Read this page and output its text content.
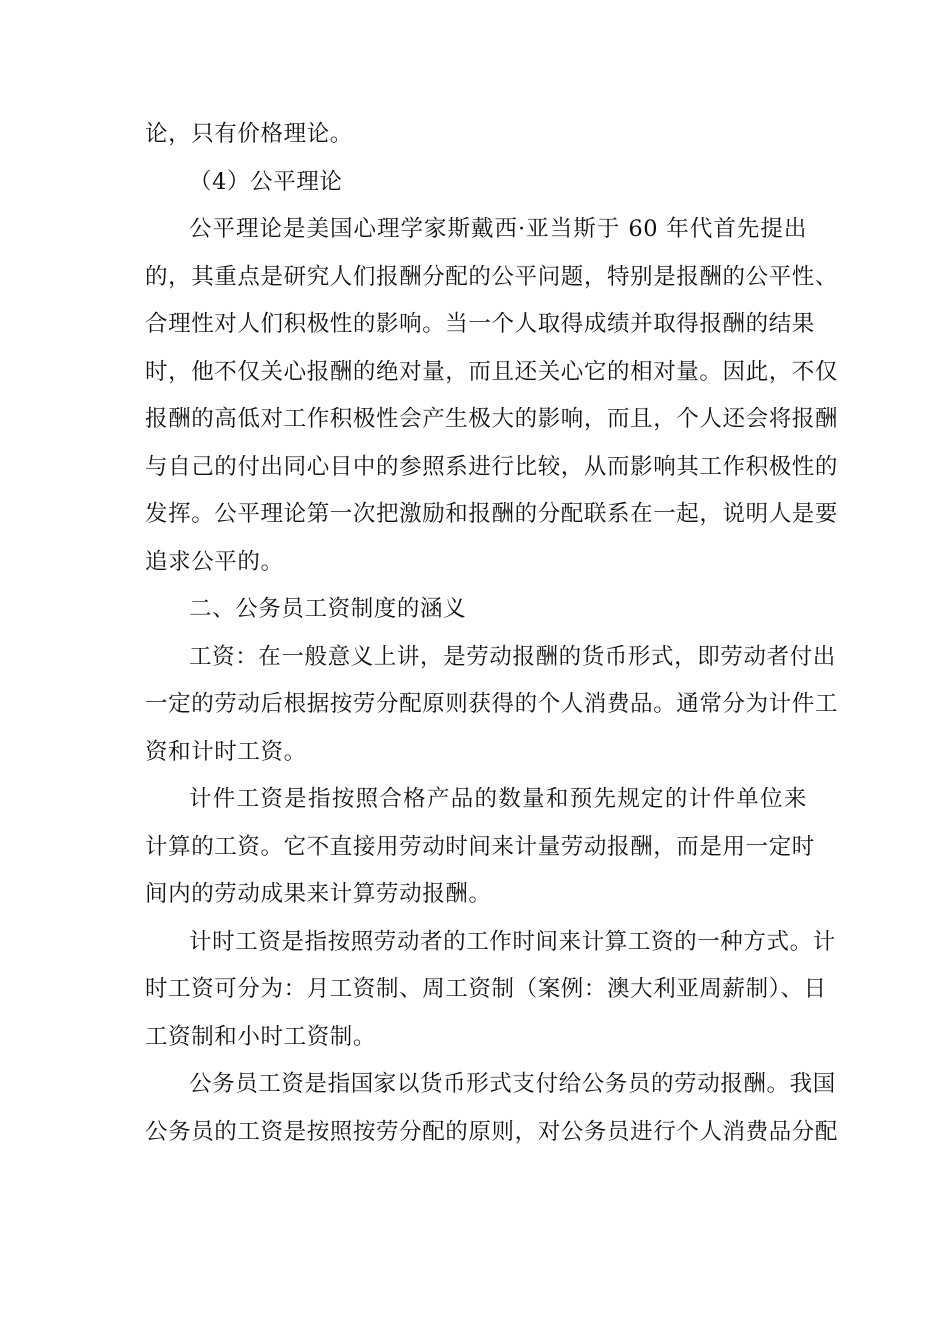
论，只有价格理论。
（4）公平理论
公平理论是美国心理学家斯戴西·亚当斯于 60 年代首先提出
的，其重点是研究人们报酬分配的公平问题，特别是报酬的公平性、
合理性对人们积极性的影响。当一个人取得成绩并取得报酬的结果
时，他不仅关心报酬的绝对量，而且还关心它的相对量。因此，不仅
报酬的高低对工作积极性会产生极大的影响，而且，个人还会将报酬
与自己的付出同心目中的参照系进行比较，从而影响其工作积极性的
发挥。公平理论第一次把激励和报酬的分配联系在一起，说明人是要
追求公平的。
二、公务员工资制度的涵义
工资：在一般意义上讲，是劳动报酬的货币形式，即劳动者付出
一定的劳动后根据按劳分配原则获得的个人消费品。通常分为计件工
资和计时工资。
计件工资是指按照合格产品的数量和预先规定的计件单位来
计算的工资。它不直接用劳动时间来计量劳动报酬，而是用一定时
间内的劳动成果来计算劳动报酬。
计时工资是指按照劳动者的工作时间来计算工资的一种方式。计
时工资可分为：月工资制、周工资制（案例：澳大利亚周薪制）、日
工资制和小时工资制。
公务员工资是指国家以货币形式支付给公务员的劳动报酬。我国
公务员的工资是按照按劳分配的原则，对公务员进行个人消费品分配
